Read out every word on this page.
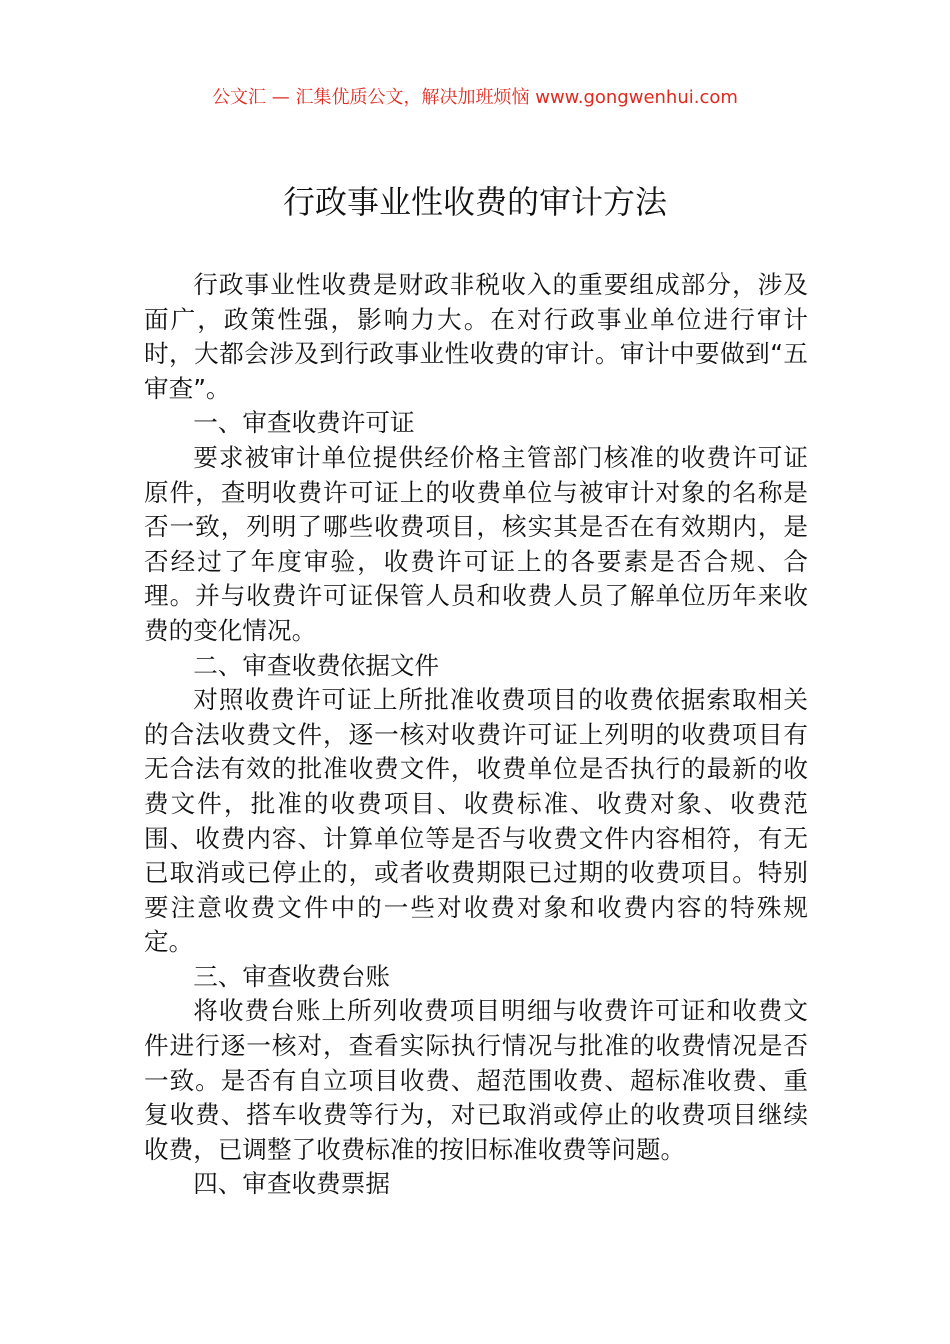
公文汇 — 汇集优质公文，解决加班烦恼 www.gongwenhui.com
行政事业性收费的审计方法

行政事业性收费是财政非税收入的重要组成部分，涉及面广，政策性强，影响力大。在对行政事业单位进行审计时，大都会涉及到行政事业性收费的审计。审计中要做到“五审查”。

一、审查收费许可证

要求被审计单位提供经价格主管部门核准的收费许可证原件，查明收费许可证上的收费单位与被审计对象的名称是否一致，列明了哪些收费项目，核实其是否在有效期内，是否经过了年度审验，收费许可证上的各要素是否合规、合理。并与收费许可证保管人员和收费人员了解单位历年来收费的变化情况。

二、审查收费依据文件

对照收费许可证上所批准收费项目的收费依据索取相关的合法收费文件，逐一核对收费许可证上列明的收费项目有无合法有效的批准收费文件，收费单位是否执行的最新的收费文件，批准的收费项目、收费标准、收费对象、收费范围、收费内容、计算单位等是否与收费文件内容相符，有无已取消或已停止的，或者收费期限已过期的收费项目。特别要注意收费文件中的一些对收费对象和收费内容的特殊规定。

三、审查收费台账

将收费台账上所列收费项目明细与收费许可证和收费文件进行逐一核对，查看实际执行情况与批准的收费情况是否一致。是否有自立项目收费、超范围收费、超标准收费、重复收费、搭车收费等行为，对已取消或停止的收费项目继续收费，已调整了收费标准的按旧标准收费等问题。

四、审查收费票据
